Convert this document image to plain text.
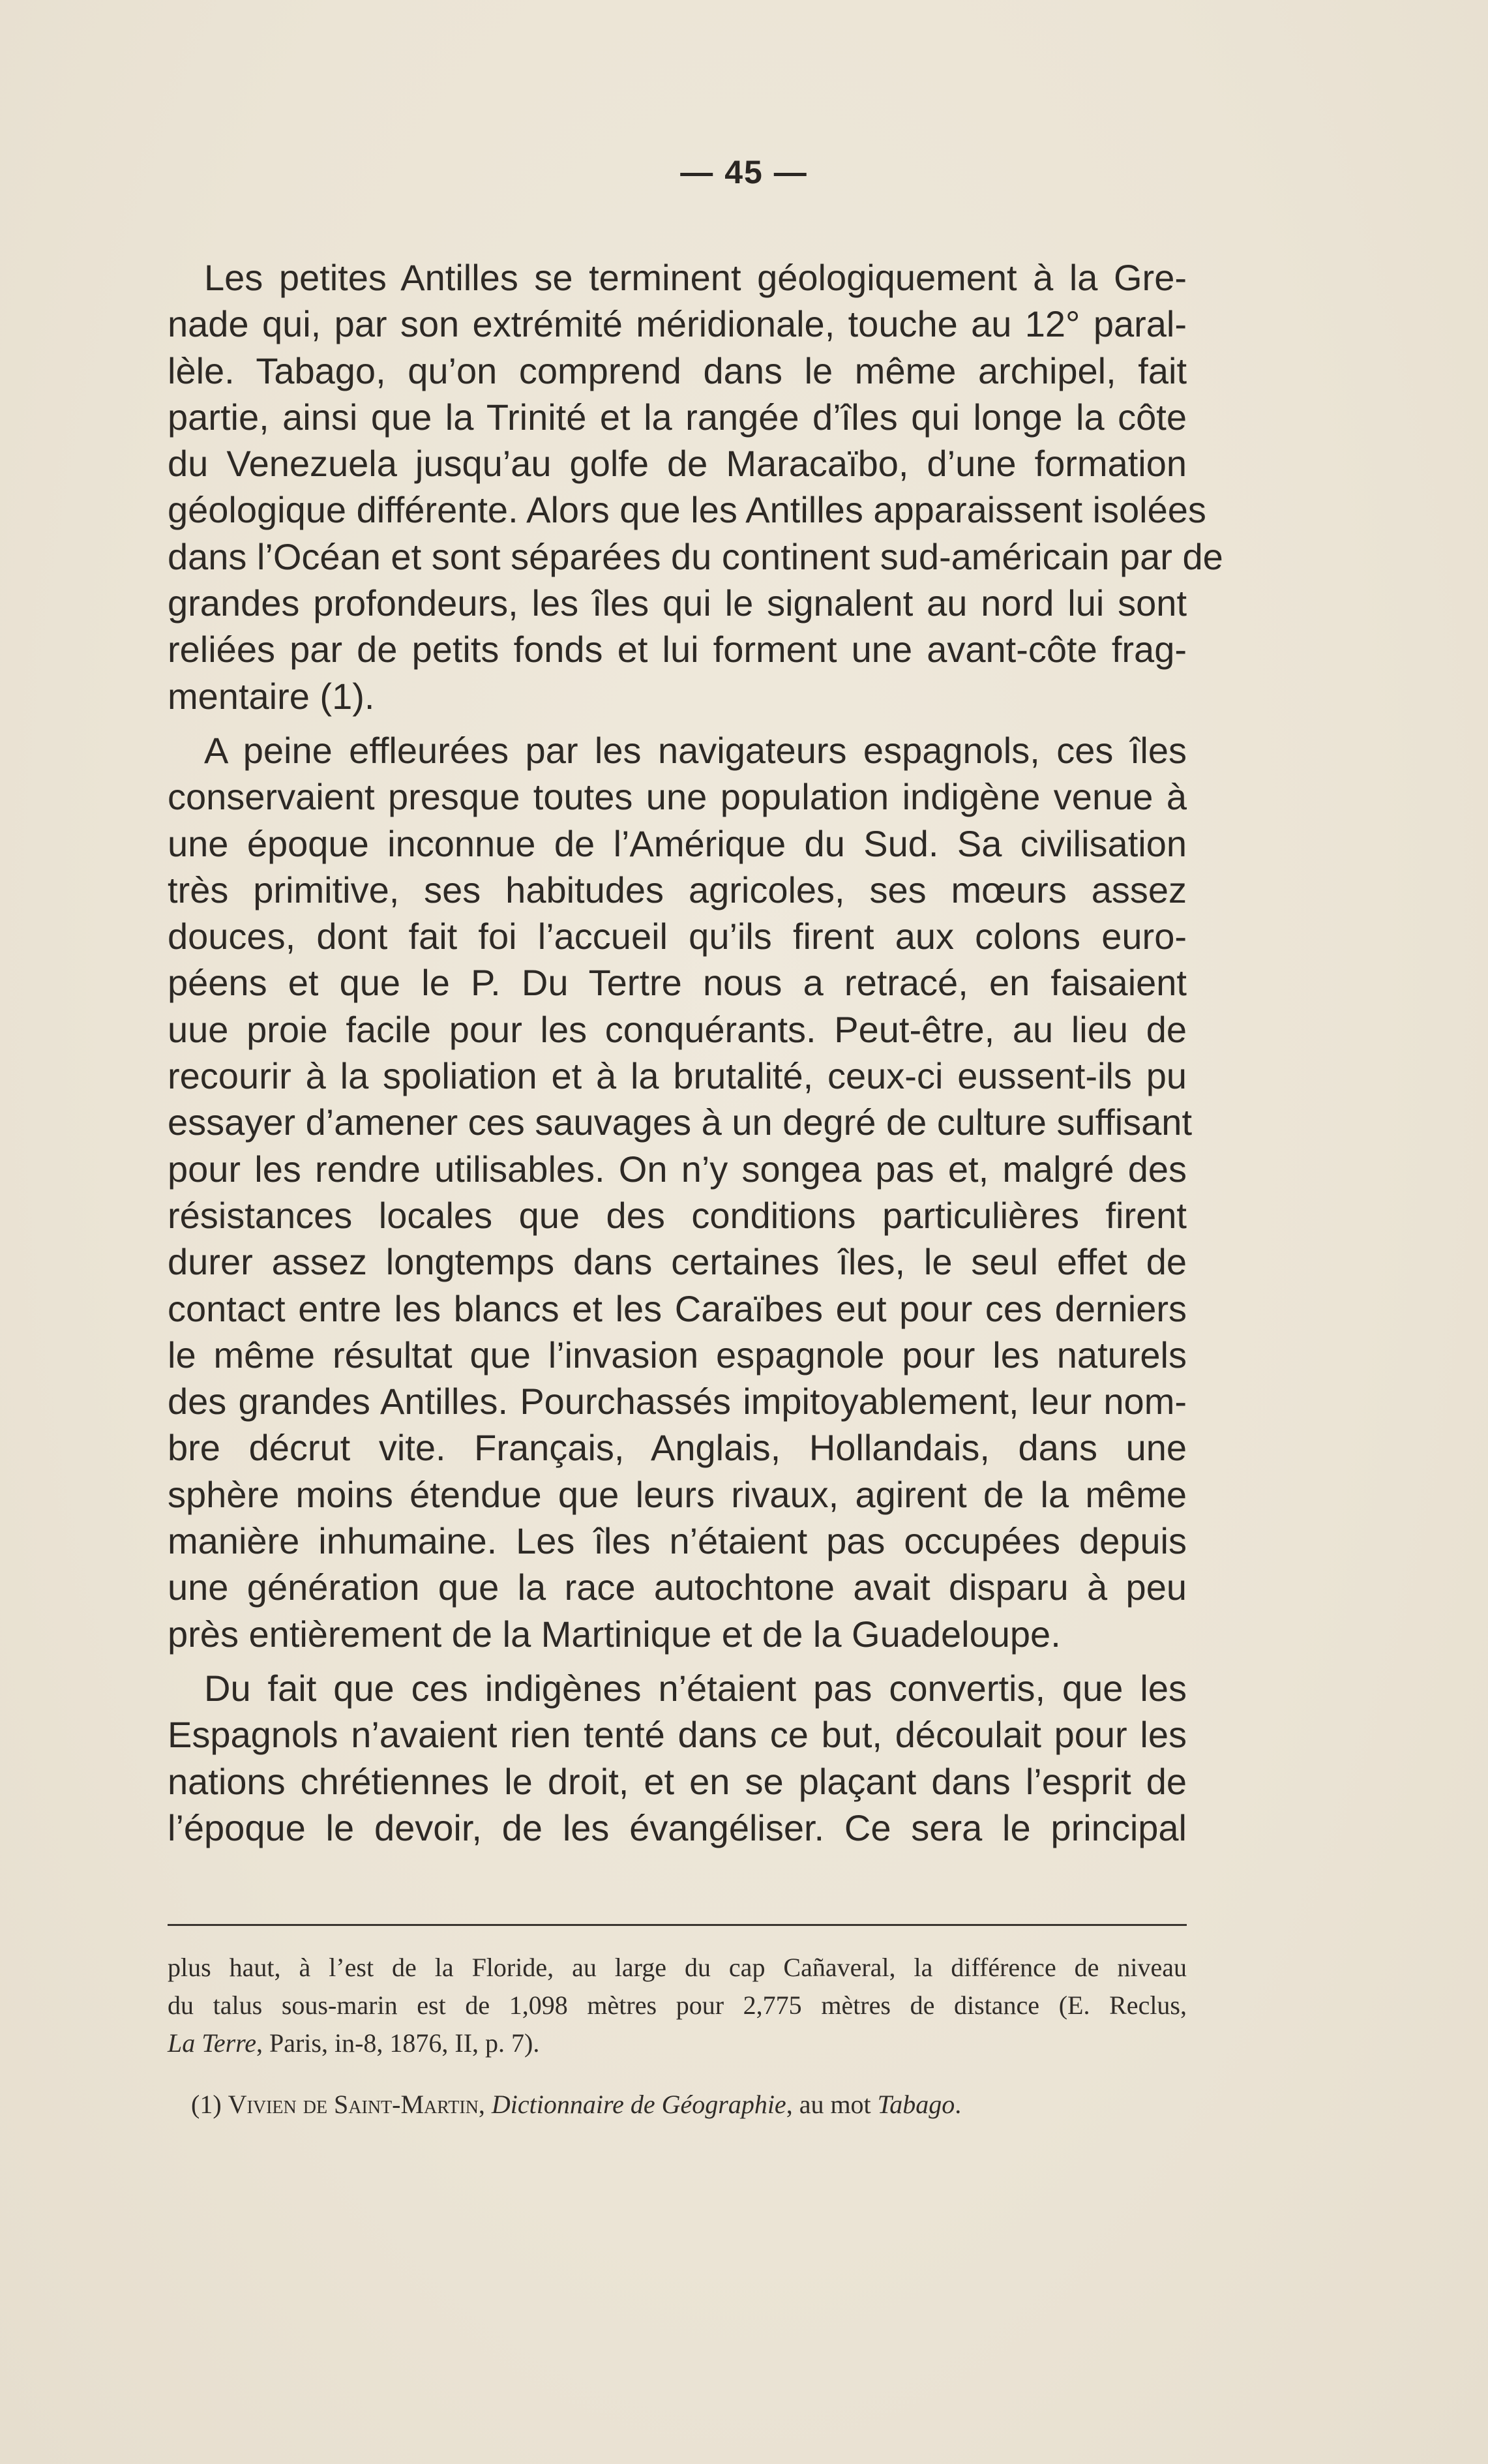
— 45 —
Les petites Antilles se terminent géologiquement à la Gre-
nade qui, par son extrémité méridionale, touche au 12° paral-
lèle. Tabago, qu’on comprend dans le même archipel, fait
partie, ainsi que la Trinité et la rangée d’îles qui longe la côte
du Venezuela jusqu’au golfe de Maracaïbo, d’une formation
géologique différente. Alors que les Antilles apparaissent isolées
dans l’Océan et sont séparées du continent sud-américain par de
grandes profondeurs, les îles qui le signalent au nord lui sont
reliées par de petits fonds et lui forment une avant-côte frag-
mentaire (1).
A peine effleurées par les navigateurs espagnols, ces îles
conservaient presque toutes une population indigène venue à
une époque inconnue de l’Amérique du Sud. Sa civilisation
très primitive, ses habitudes agricoles, ses mœurs assez
douces, dont fait foi l’accueil qu’ils firent aux colons euro-
péens et que le P. Du Tertre nous a retracé, en faisaient
uue proie facile pour les conquérants. Peut-être, au lieu de
recourir à la spoliation et à la brutalité, ceux-ci eussent-ils pu
essayer d’amener ces sauvages à un degré de culture suffisant
pour les rendre utilisables. On n’y songea pas et, malgré des
résistances locales que des conditions particulières firent
durer assez longtemps dans certaines îles, le seul effet de
contact entre les blancs et les Caraïbes eut pour ces derniers
le même résultat que l’invasion espagnole pour les naturels
des grandes Antilles. Pourchassés impitoyablement, leur nom-
bre décrut vite. Français, Anglais, Hollandais, dans une
sphère moins étendue que leurs rivaux, agirent de la même
manière inhumaine. Les îles n’étaient pas occupées depuis
une génération que la race autochtone avait disparu à peu
près entièrement de la Martinique et de la Guadeloupe.
Du fait que ces indigènes n’étaient pas convertis, que les
Espagnols n’avaient rien tenté dans ce but, découlait pour les
nations chrétiennes le droit, et en se plaçant dans l’esprit de
l’époque le devoir, de les évangéliser. Ce sera le principal
plus haut, à l’est de la Floride, au large du cap Cañaveral, la différence de niveau
du talus sous-marin est de 1,098 mètres pour 2,775 mètres de distance (E. Reclus,
La Terre, Paris, in-8, 1876, II, p. 7).
(1) Vivien de Saint-Martin, Dictionnaire de Géographie, au mot Tabago.
